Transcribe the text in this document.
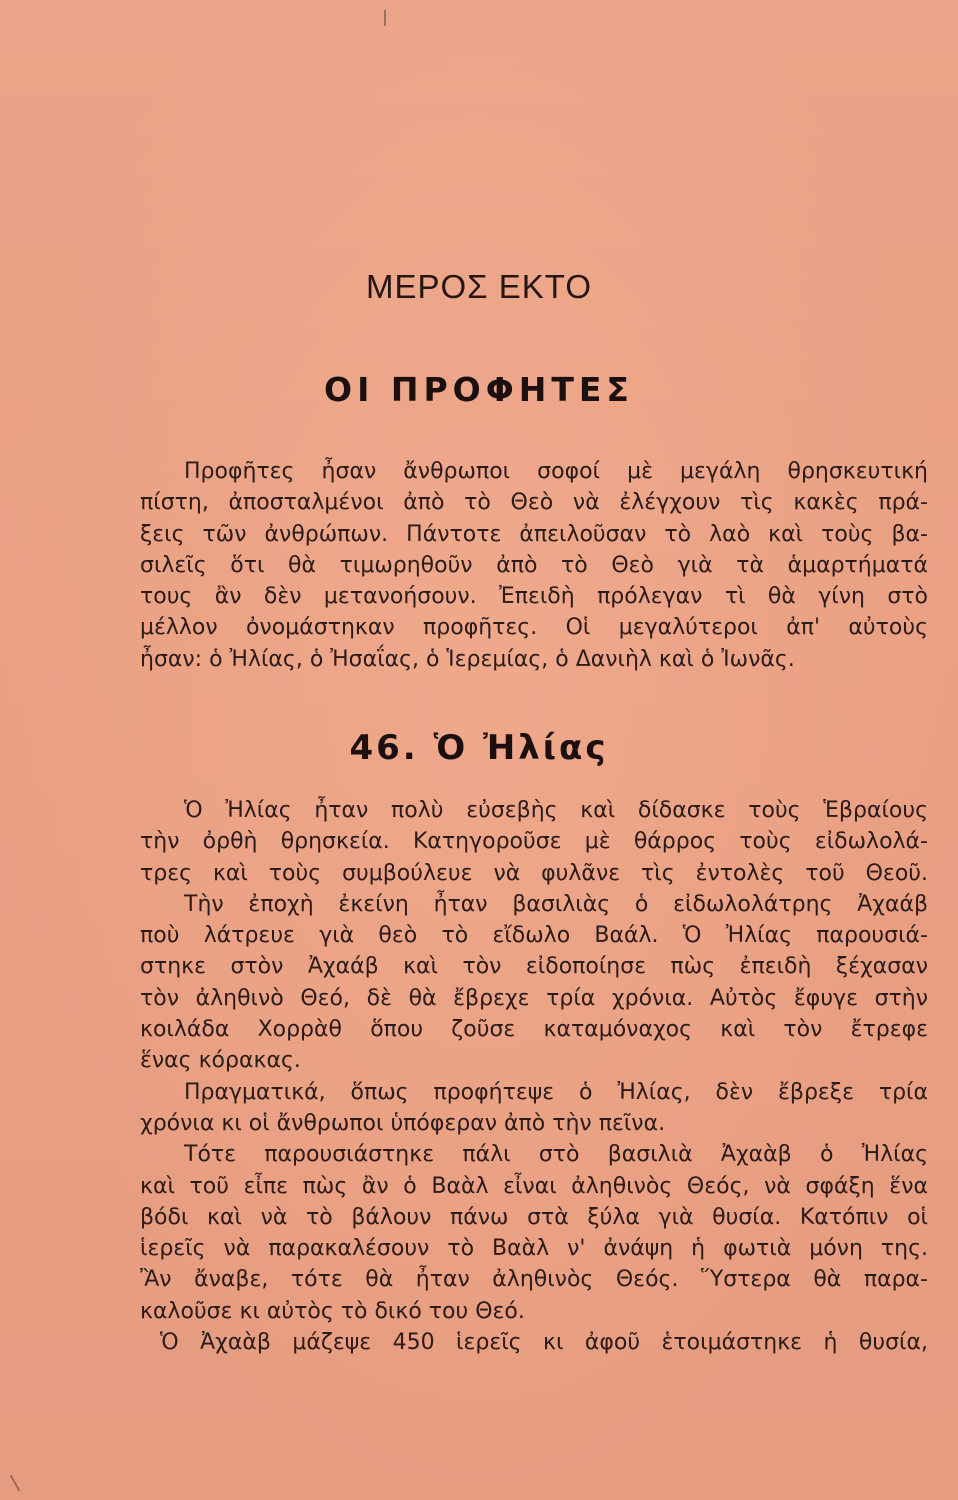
ΜΕΡΟΣ ΕΚΤΟ
ΟΙ ΠΡΟΦΗΤΕΣ
Προφῆτες ἦσαν ἄνθρωποι σοφοί μὲ μεγάλη θρησκευτική
πίστη, ἀποσταλμένοι ἀπὸ τὸ Θεὸ νὰ ἐλέγχουν τὶς κακὲς πρά-
ξεις τῶν ἀνθρώπων. Πάντοτε ἀπειλοῦσαν τὸ λαὸ καὶ τοὺς βα-
σιλεῖς ὅτι θὰ τιμωρηθοῦν ἀπὸ τὸ Θεὸ γιὰ τὰ ἁμαρτήματά
τους ἂν δὲν μετανοήσουν. Ἐπειδὴ πρόλεγαν τὶ θὰ γίνη στὸ
μέλλον ὀνομάστηκαν προφῆτες. Οἱ μεγαλύτεροι ἀπ' αὐτοὺς
ἦσαν: ὁ Ἠλίας, ὁ Ἠσαΐας, ὁ Ἱερεμίας, ὁ Δανιὴλ καὶ ὁ Ἰωνᾶς.
46. Ὁ Ἠλίας
Ὁ Ἠλίας ἦταν πολὺ εὐσεβὴς καὶ δίδασκε τοὺς Ἑβραίους
τὴν ὀρθὴ θρησκεία. Κατηγοροῦσε μὲ θάρρος τοὺς εἰδωλολά-
τρες καὶ τοὺς συμβούλευε νὰ φυλᾶνε τὶς ἐντολὲς τοῦ Θεοῦ.
Τὴν ἐποχὴ ἐκείνη ἦταν βασιλιὰς ὁ εἰδωλολάτρης Ἀχαάβ
ποὺ λάτρευε γιὰ θεὸ τὸ εἴδωλο Βαάλ. Ὁ Ἠλίας παρουσιά-
στηκε στὸν Ἀχαάβ καὶ τὸν εἰδοποίησε πὼς ἐπειδὴ ξέχασαν
τὸν ἀληθινὸ Θεό, δὲ θὰ ἔβρεχε τρία χρόνια. Αὐτὸς ἔφυγε στὴν
κοιλάδα Χορρὰθ ὅπου ζοῦσε καταμόναχος καὶ τὸν ἔτρεφε
ἕνας κόρακας.
Πραγματικά, ὅπως προφήτεψε ὁ Ἠλίας, δὲν ἔβρεξε τρία
χρόνια κι οἱ ἄνθρωποι ὑπόφεραν ἀπὸ τὴν πεῖνα.
Τότε παρουσιάστηκε πάλι στὸ βασιλιὰ Ἀχαὰβ ὁ Ἠλίας
καὶ τοῦ εἶπε πὼς ἂν ὁ Βαὰλ εἶναι ἀληθινὸς Θεός, νὰ σφάξη ἕνα
βόδι καὶ νὰ τὸ βάλουν πάνω στὰ ξύλα γιὰ θυσία. Κατόπιν οἱ
ἱερεῖς νὰ παρακαλέσουν τὸ Βαὰλ ν' ἀνάψη ἡ φωτιὰ μόνη της.
Ἂν ἄναβε, τότε θὰ ἦταν ἀληθινὸς Θεός. Ὕστερα θὰ παρα-
καλοῦσε κι αὐτὸς τὸ δικό του Θεό.
Ὁ Ἀχαὰβ μάζεψε 450 ἱερεῖς κι ἀφοῦ ἑτοιμάστηκε ἡ θυσία,
